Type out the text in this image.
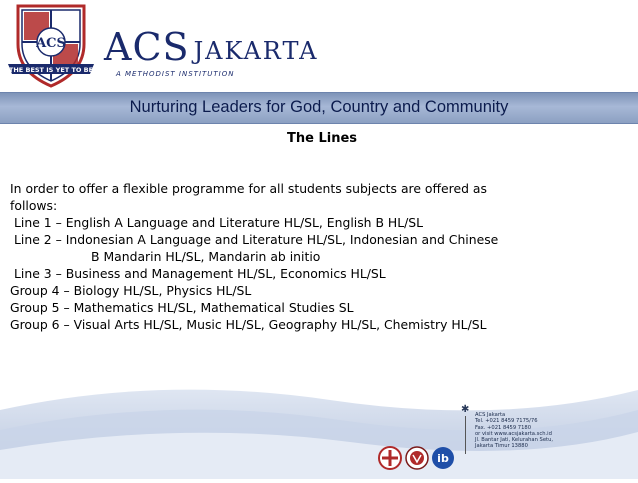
ACS
THE BEST IS YET TO BE
ACS JAKARTA
A METHODIST INSTITUTION
Nurturing Leaders for God, Country and Community
The Lines
In order to offer a flexible programme for all students subjects are offered as
follows:
Line 1 – English A Language and Literature HL/SL, English B HL/SL
Line 2 – Indonesian A Language and Literature HL/SL, Indonesian and Chinese
B Mandarin HL/SL, Mandarin ab initio
Line 3 – Business and Management HL/SL, Economics HL/SL
Group 4 – Biology HL/SL, Physics HL/SL
Group 5 – Mathematics HL/SL, Mathematical Studies SL
Group 6 – Visual Arts HL/SL, Music HL/SL, Geography HL/SL, Chemistry HL/SL
✱ ACS Jakarta
Tel. +021 8459 7175/76
Fax. +021 8459 7180
or visit www.acsjakarta.sch.id
Jl. Bantar Jati, Kelurahan Setu,
Jakarta Timur 13880
ib
